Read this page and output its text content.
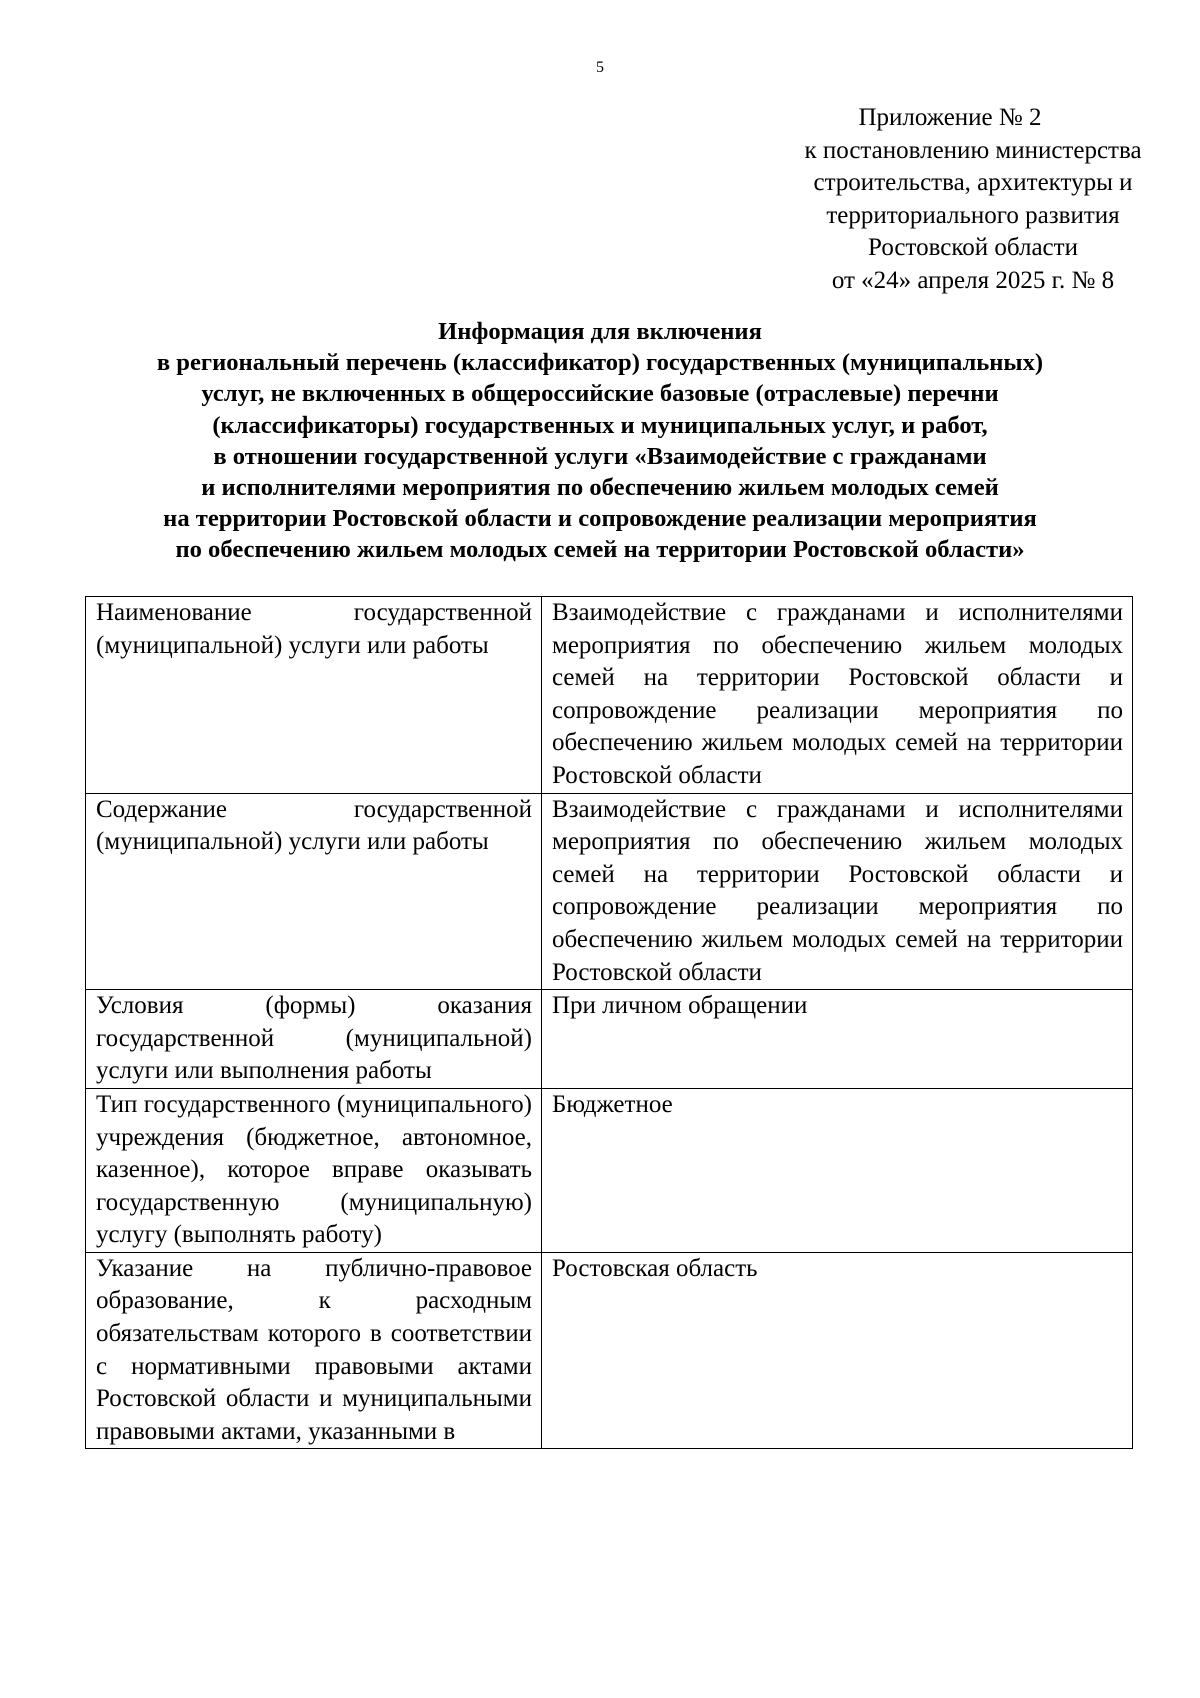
5
Приложение № 2
к постановлению министерства
строительства, архитектуры и
территориального развития
Ростовской области
от «24» апреля 2025 г. № 8
Информация для включения
в региональный перечень (классификатор) государственных (муниципальных)
услуг, не включенных в общероссийские базовые (отраслевые) перечни
(классификаторы) государственных и муниципальных услуг, и работ,
в отношении государственной услуги «Взаимодействие с гражданами
и исполнителями мероприятия по обеспечению жильем молодых семей
на территории Ростовской области и сопровождение реализации мероприятия
по обеспечению жильем молодых семей на территории Ростовской области»
Наименование государственной (муниципальной) услуги или работы	Взаимодействие с гражданами и исполнителями мероприятия по обеспечению жильем молодых семей на территории Ростовской области и сопровождение реализации мероприятия по обеспечению жильем молодых семей на территории Ростовской области
Содержание государственной (муниципальной) услуги или работы	Взаимодействие с гражданами и исполнителями мероприятия по обеспечению жильем молодых семей на территории Ростовской области и сопровождение реализации мероприятия по обеспечению жильем молодых семей на территории Ростовской области
Условия (формы) оказания государственной (муниципальной) услуги или выполнения работы	При личном обращении
Тип государственного (муниципального) учреждения (бюджетное, автономное, казенное), которое вправе оказывать государственную (муниципальную) услугу (выполнять работу)	Бюджетное
Указание на публично-правовое образование, к расходным обязательствам которого в соответствии с нормативными правовыми актами Ростовской области и муниципальными правовыми актами, указанными в	Ростовская область
